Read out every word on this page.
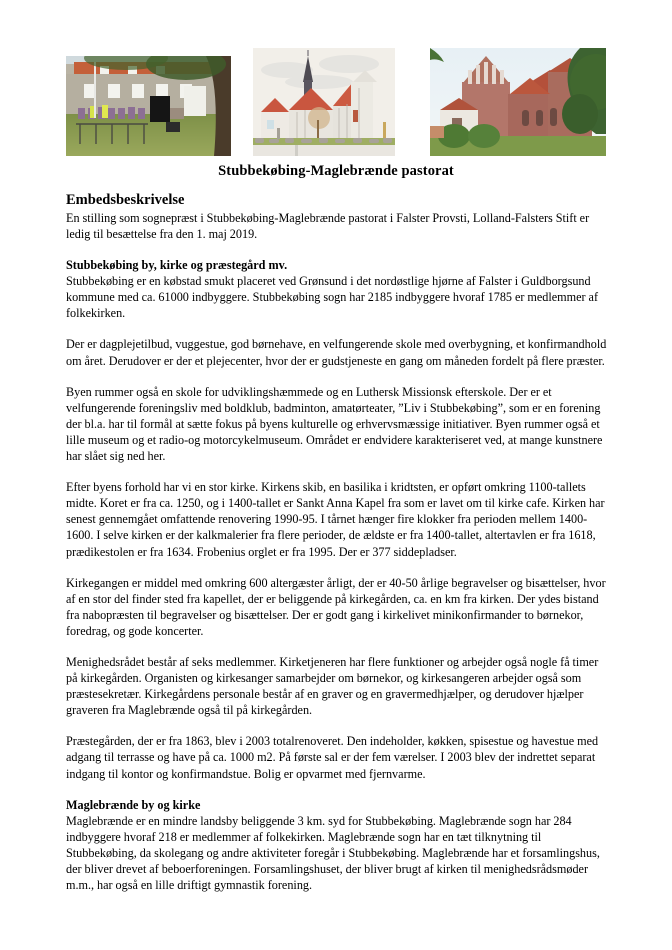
Stubbekøbing-Maglebrænde pastorat
Embedsbeskrivelse

En stilling som sognepræst i Stubbekøbing-Maglebrænde pastorat i Falster Provsti, Lolland-Falsters Stift er ledig til besættelse fra den 1. maj 2019.

Stubbekøbing by, kirke og præstegård mv.

Stubbekøbing er en købstad smukt placeret ved Grønsund i det nordøstlige hjørne af Falster i Guldborgsund kommune med ca. 61000 indbyggere. Stubbekøbing sogn har 2185 indbyggere hvoraf 1785 er medlemmer af folkekirken.

Der er dagplejetilbud, vuggestue, god børnehave, en velfungerende skole med overbygning, et konfirmandhold om året. Derudover er der et plejecenter, hvor der er gudstjeneste en gang om måneden fordelt på flere præster.

Byen rummer også en skole for udviklingshæmmede og en Luthersk Missionsk efterskole. Der er et velfungerende foreningsliv med boldklub, badminton, amatørteater, ”Liv i Stubbekøbing”, som er en forening der bl.a. har til formål at sætte fokus på byens kulturelle og erhvervsmæssige initiativer. Byen rummer også et lille museum og et radio-og motorcykelmuseum. Området er endvidere karakteriseret ved, at mange kunstnere har slået sig ned her.

Efter byens forhold har vi en stor kirke. Kirkens skib, en basilika i kridtsten, er opført omkring 1100-tallets midte. Koret er fra ca. 1250, og i 1400-tallet er Sankt Anna Kapel fra som er lavet om til kirke cafe. Kirken har senest gennemgået omfattende renovering 1990-95. I tårnet hænger fire klokker fra perioden mellem 1400-1600. I selve kirken er der kalkmalerier fra flere perioder, de ældste er fra 1400-tallet, altertavlen er fra 1618, prædikestolen er fra 1634. Frobenius orglet er fra 1995. Der er 377 siddepladser.

Kirkegangen er middel med omkring 600 altergæster årligt, der er 40-50 årlige begravelser og bisættelser, hvor af en stor del finder sted fra kapellet, der er beliggende på kirkegården, ca. en km fra kirken. Der ydes bistand fra nabopræsten til begravelser og bisættelser. Der er godt gang i kirkelivet minikonfirmander to børnekor, foredrag, og gode koncerter.

Menighedsrådet består af seks medlemmer. Kirketjeneren har flere funktioner og arbejder også nogle få timer på kirkegården. Organisten og kirkesanger samarbejder om børnekor, og kirkesangeren arbejder også som præstesekretær. Kirkegårdens personale består af en graver og en gravermedhjælper, og derudover hjælper graveren fra Maglebrænde også til på kirkegården.

Præstegården, der er fra 1863, blev i 2003 totalrenoveret. Den indeholder, køkken, spisestue og havestue med adgang til terrasse og have på ca. 1000 m2. På første sal er der fem værelser. I 2003 blev der indrettet separat indgang til kontor og konfirmandstue. Bolig er opvarmet med fjernvarme.

Maglebrænde by og kirke

Maglebrænde er en mindre landsby beliggende 3 km. syd for Stubbekøbing. Maglebrænde sogn har 284 indbyggere hvoraf 218 er medlemmer af folkekirken. Maglebrænde sogn har en tæt tilknytning til Stubbekøbing, da skolegang og andre aktiviteter foregår i Stubbekøbing. Maglebrænde har et forsamlingshus, der bliver drevet af beboerforeningen. Forsamlingshuset, der bliver brugt af kirken til menighedsrådsmøder m.m., har også en lille driftigt gymnastik forening.
